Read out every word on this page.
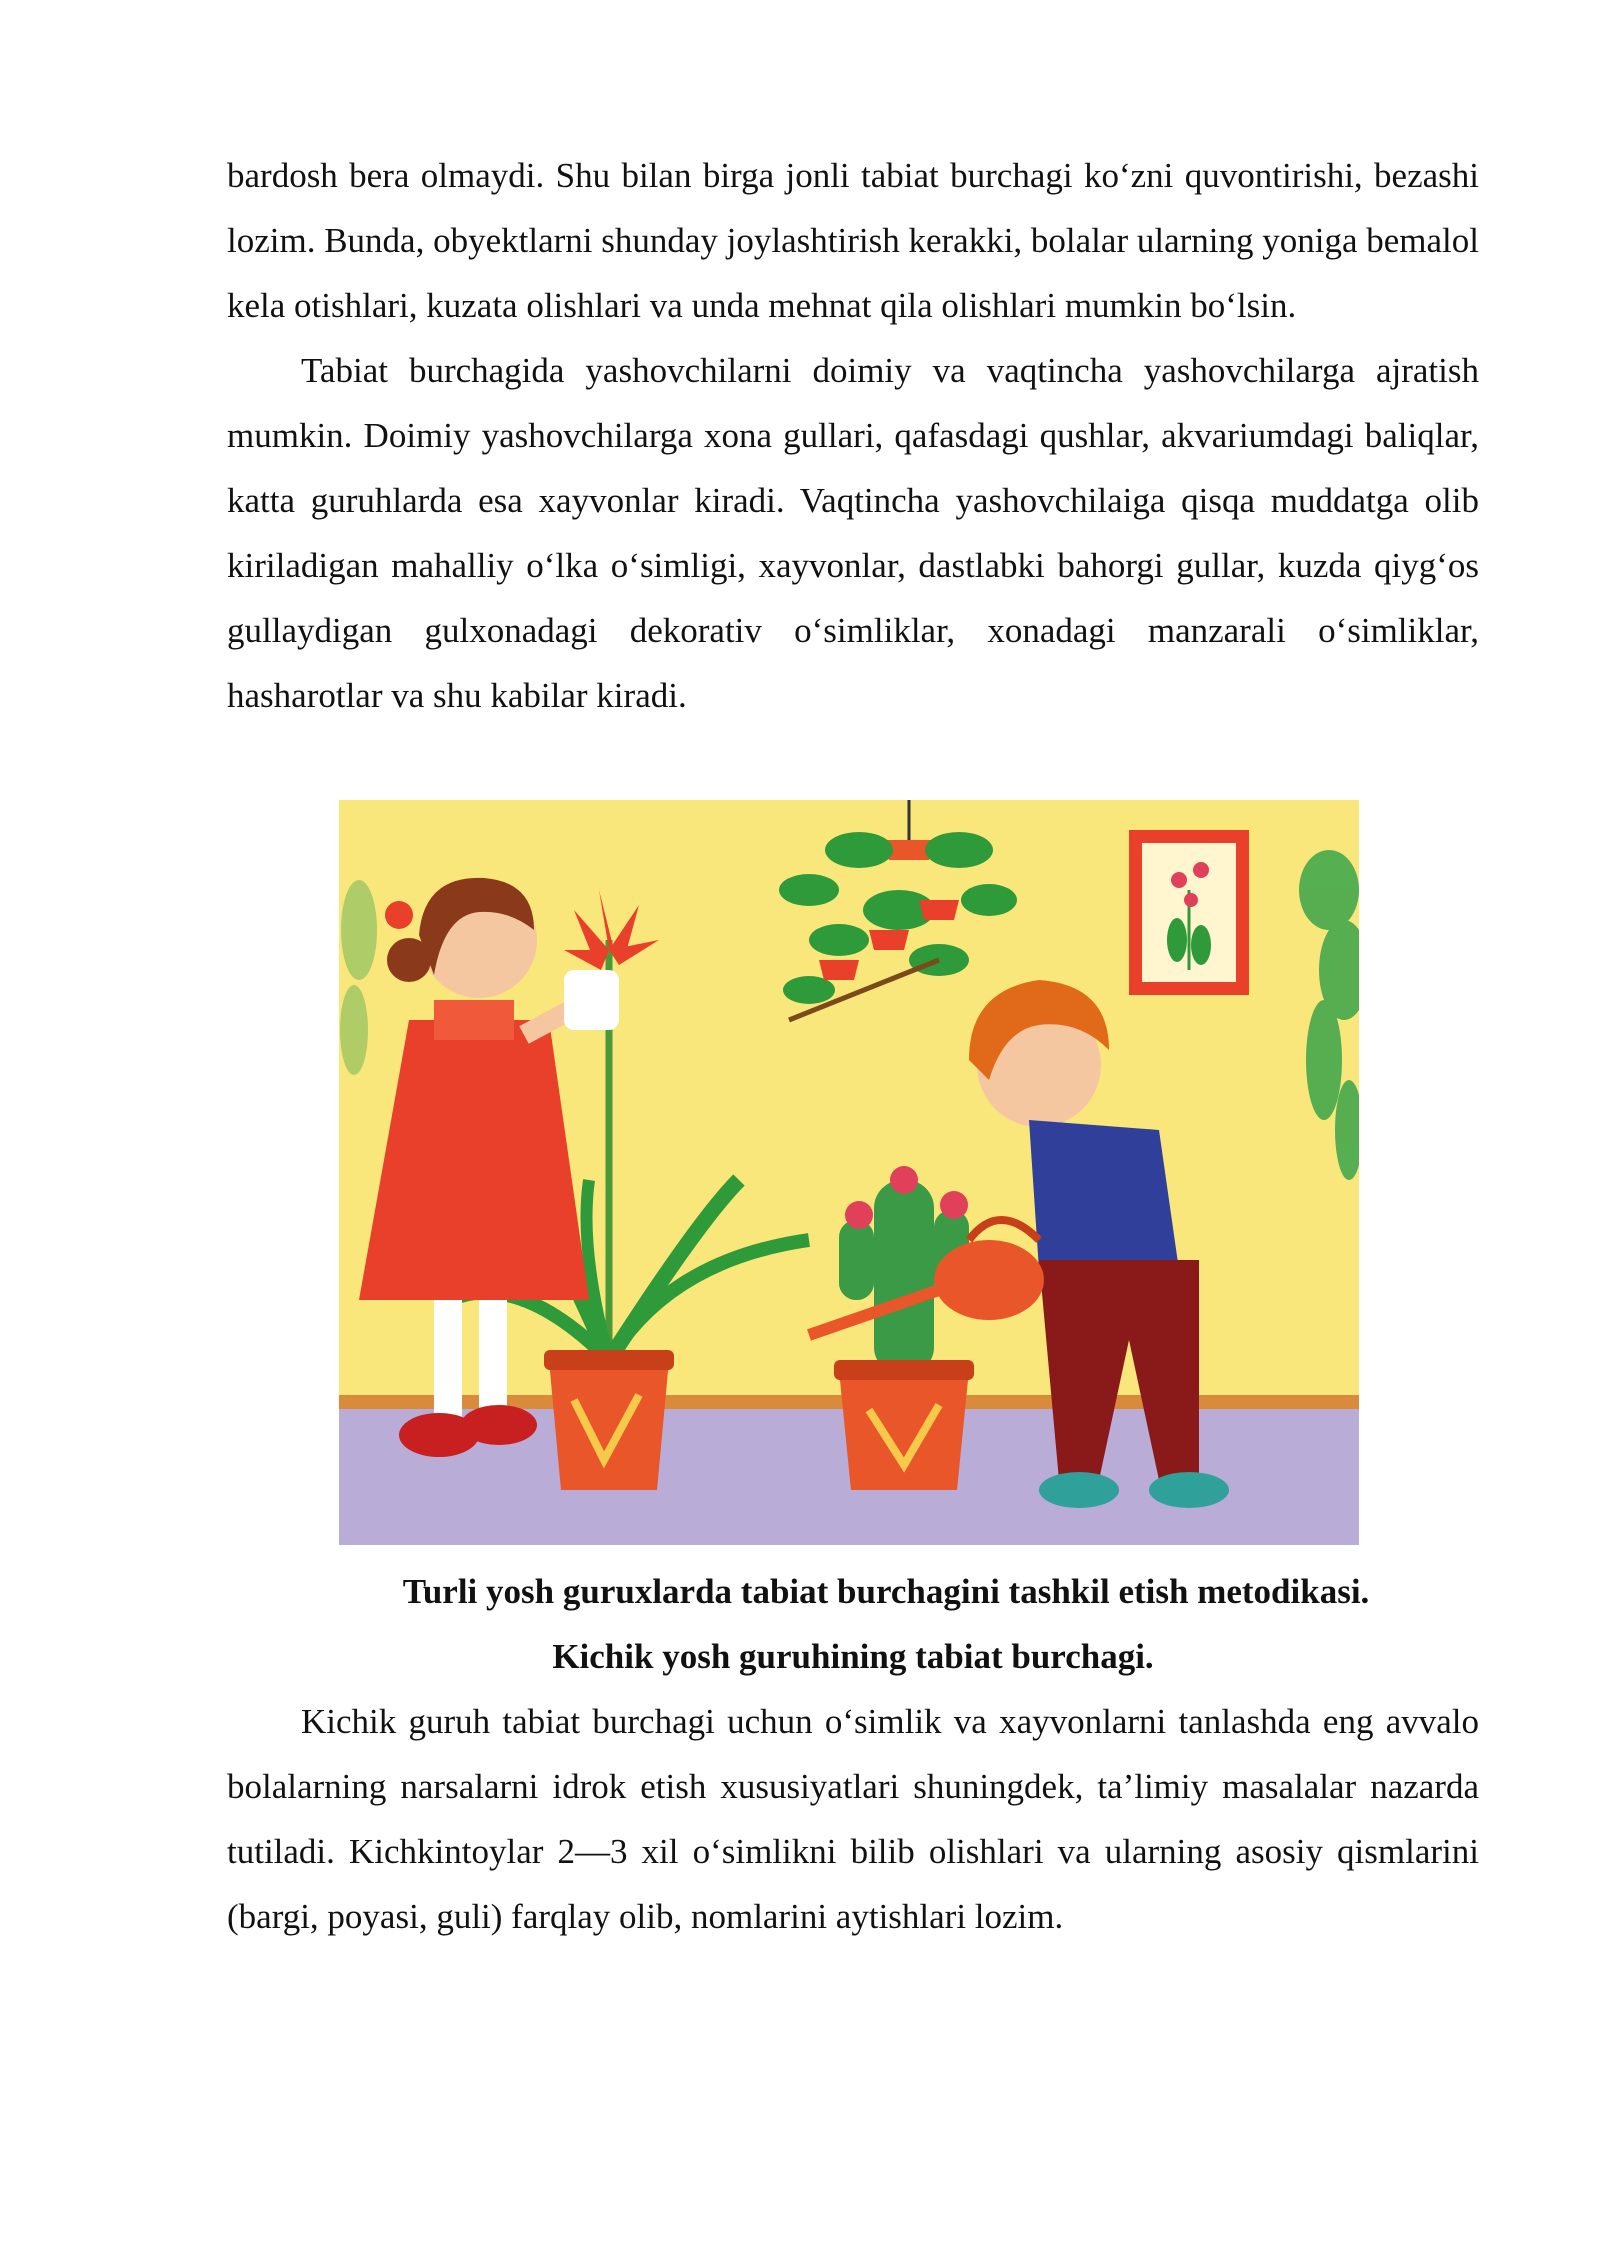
bardosh bera olmaydi. Shu bilan birga jonli tabiat burchagi ko‘zni quvontirishi, bezashi lozim. Bunda, obyektlarni shunday joylashtirish kerakki, bolalar ularning yoniga bemalol kela otishlari, kuzata olishlari va unda mehnat qila olishlari mumkin bo‘lsin.

Tabiat burchagida yashovchilarni doimiy va vaqtincha yashovchilarga ajratish mumkin. Doimiy yashovchilarga xona gullari, qafasdagi qushlar, akvariumdagi baliqlar, katta guruhlarda esa xayvonlar kiradi. Vaqtincha yashovchilaiga qisqa muddatga olib kiriladigan mahalliy o‘lka o‘simligi, xayvonlar, dastlabki bahorgi gullar, kuzda qiyg‘os gullaydigan gulxonadagi dekorativ o‘simliklar, xonadagi manzarali o‘simliklar, hasharotlar va shu kabilar kiradi.

Turli yosh guruxlarda tabiat burchagini tashkil etish metodikasi.

Kichik yosh guruhining tabiat burchagi.

Kichik guruh tabiat burchagi uchun o‘simlik va xayvonlarni tanlashda eng avvalo bolalarning narsalarni idrok etish xususiyatlari shuningdek, ta’limiy masalalar nazarda tutiladi. Kichkintoylar 2—3 xil o‘simlikni bilib olishlari va ularning asosiy qismlarini (bargi, poyasi, guli) farqlay olib, nomlarini aytishlari lozim.
